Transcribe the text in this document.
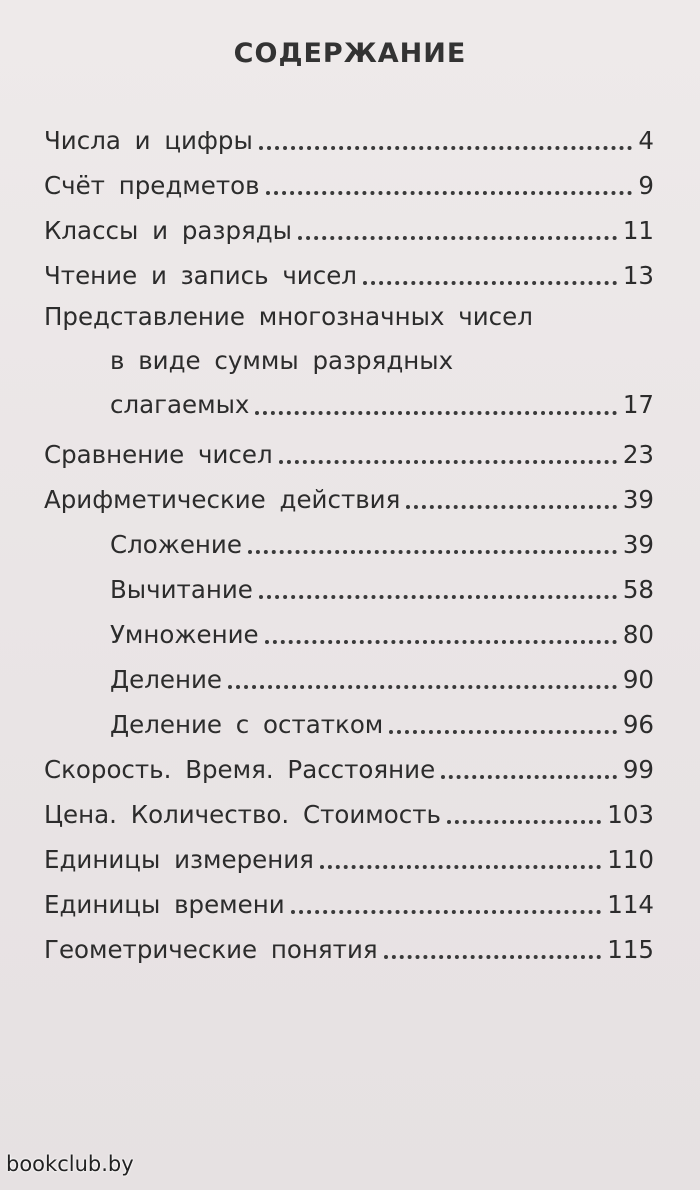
СОДЕРЖАНИЕ
Числа и цифры	4
Счёт предметов	9
Классы и разряды	11
Чтение и запись чисел	13
Представление многозначных чисел
в виде суммы разрядных
слагаемых	17
Сравнение чисел	23
Арифметические действия	39
Сложение	39
Вычитание	58
Умножение	80
Деление	90
Деление с остатком	96
Скорость. Время. Расстояние	99
Цена. Количество. Стоимость	103
Единицы измерения	110
Единицы времени	114
Геометрические понятия	115
bookclub.by
